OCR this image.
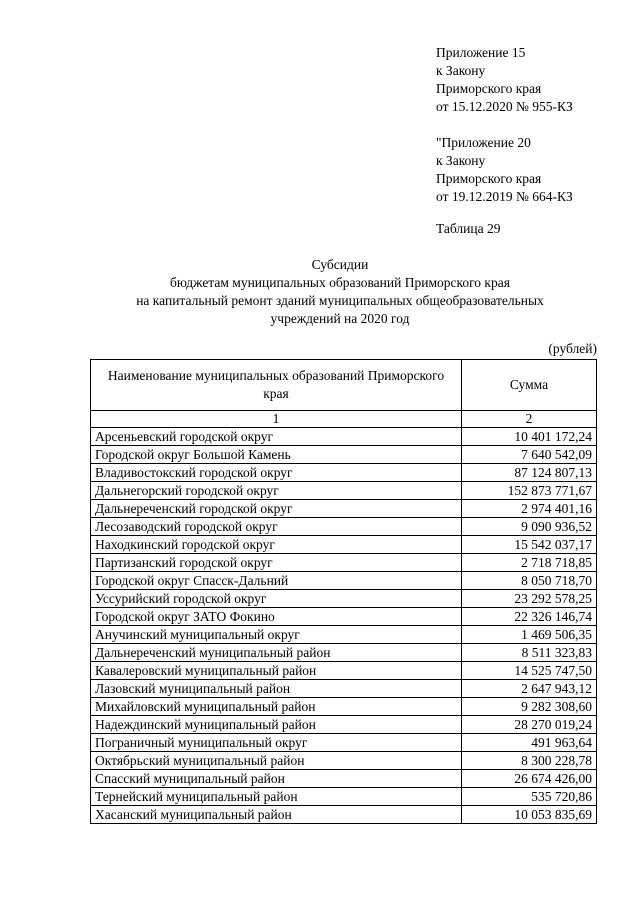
Приложение 15
к Закону
Приморского края
от 15.12.2020 № 955-КЗ
"Приложение 20
к Закону
Приморского края
от 19.12.2019 № 664-КЗ
Таблица 29
Субсидии
бюджетам муниципальных образований Приморского края
на капитальный ремонт зданий муниципальных общеобразовательных
учреждений на 2020 год
(рублей)
Наименование муниципальных образований Приморского края	Сумма
1	2
Арсеньевский городской округ	10 401 172,24
Городской округ Большой Камень	7 640 542,09
Владивостокский городской округ	87 124 807,13
Дальнегорский городской округ	152 873 771,67
Дальнереченский городской округ	2 974 401,16
Лесозаводский городской округ	9 090 936,52
Находкинский городской округ	15 542 037,17
Партизанский городской округ	2 718 718,85
Городской округ Спасск-Дальний	8 050 718,70
Уссурийский городской округ	23 292 578,25
Городской округ ЗАТО Фокино	22 326 146,74
Анучинский муниципальный округ	1 469 506,35
Дальнереченский муниципальный район	8 511 323,83
Кавалеровский муниципальный район	14 525 747,50
Лазовский муниципальный район	2 647 943,12
Михайловский муниципальный район	9 282 308,60
Надеждинский муниципальный район	28 270 019,24
Пограничный муниципальный округ	491 963,64
Октябрьский муниципальный район	8 300 228,78
Спасский муниципальный район	26 674 426,00
Тернейский муниципальный район	535 720,86
Хасанский муниципальный район	10 053 835,69
